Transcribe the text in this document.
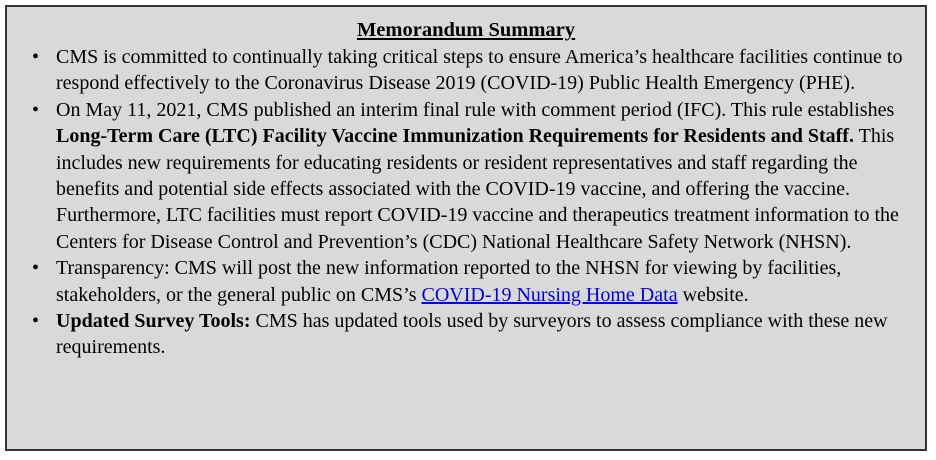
Memorandum Summary
• CMS is committed to continually taking critical steps to ensure America’s healthcare facilities continue to respond effectively to the Coronavirus Disease 2019 (COVID-19) Public Health Emergency (PHE).
• On May 11, 2021, CMS published an interim final rule with comment period (IFC). This rule establishes Long-Term Care (LTC) Facility Vaccine Immunization Requirements for Residents and Staff. This includes new requirements for educating residents or resident representatives and staff regarding the benefits and potential side effects associated with the COVID-19 vaccine, and offering the vaccine. Furthermore, LTC facilities must report COVID-19 vaccine and therapeutics treatment information to the Centers for Disease Control and Prevention’s (CDC) National Healthcare Safety Network (NHSN).
• Transparency: CMS will post the new information reported to the NHSN for viewing by facilities, stakeholders, or the general public on CMS’s COVID-19 Nursing Home Data website.
• Updated Survey Tools: CMS has updated tools used by surveyors to assess compliance with these new requirements.
